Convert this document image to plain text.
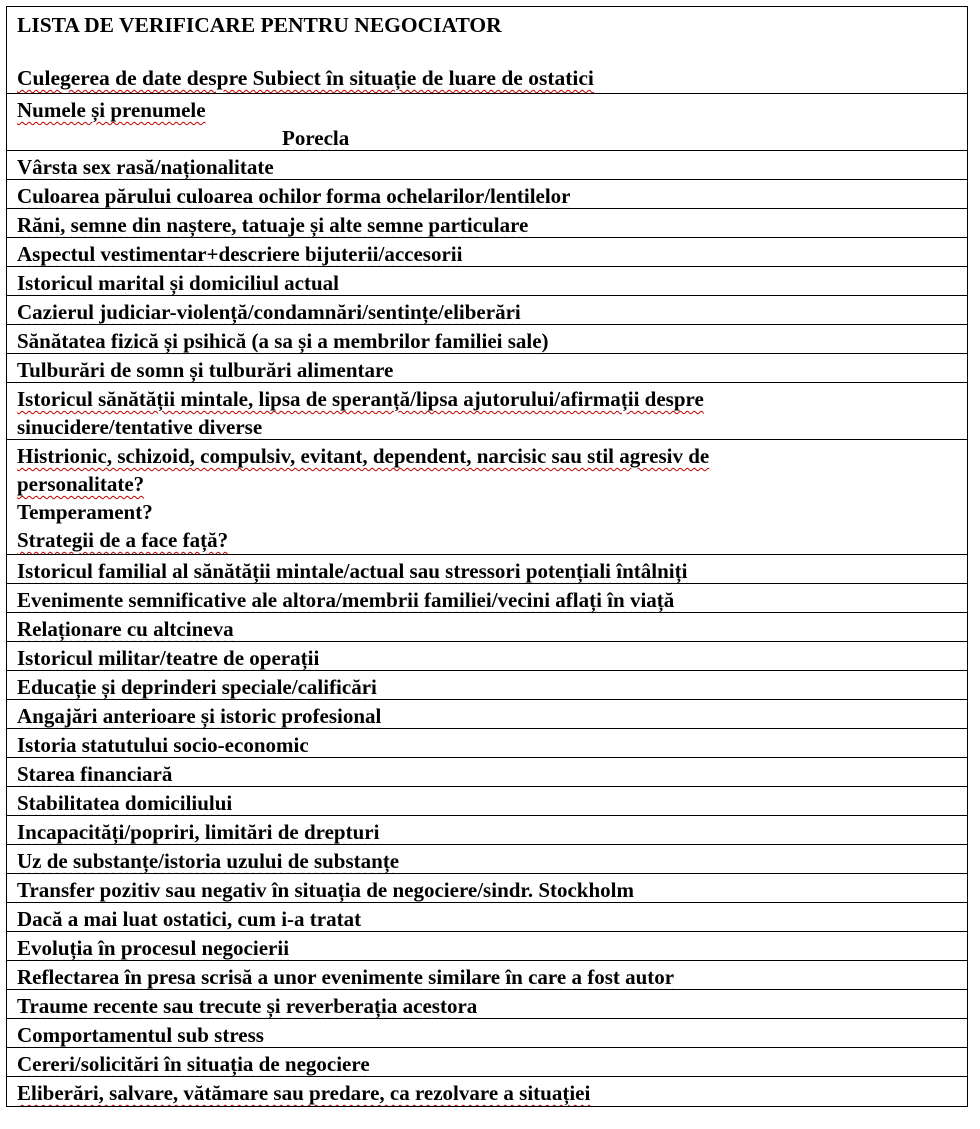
LISTA DE VERIFICARE PENTRU NEGOCIATOR
Culegerea de date despre Subiect în situație de luare de ostatici
Numele și prenumele
Porecla
Vârsta sex rasă/naționalitate
Culoarea părului culoarea ochilor forma ochelarilor/lentilelor
Răni, semne din naștere, tatuaje și alte semne particulare
Aspectul vestimentar+descriere bijuterii/accesorii
Istoricul marital și domiciliul actual
Cazierul judiciar-violență/condamnări/sentințe/eliberări
Sănătatea fizică și psihică (a sa și a membrilor familiei sale)
Tulburări de somn și tulburări alimentare
Istoricul sănătății mintale, lipsa de speranță/lipsa ajutorului/afirmații despre
sinucidere/tentative diverse
Histrionic, schizoid, compulsiv, evitant, dependent, narcisic sau stil agresiv de
personalitate?
Temperament?
Strategii de a face față?
Istoricul familial al sănătății mintale/actual sau stressori potențiali întâlniți
Evenimente semnificative ale altora/membrii familiei/vecini aflați în viață
Relaționare cu altcineva
Istoricul militar/teatre de operații
Educație și deprinderi speciale/calificări
Angajări anterioare și istoric profesional
Istoria statutului socio-economic
Starea financiară
Stabilitatea domiciliului
Incapacități/popriri, limitări de drepturi
Uz de substanțe/istoria uzului de substanțe
Transfer pozitiv sau negativ în situația de negociere/sindr. Stockholm
Dacă a mai luat ostatici, cum i-a tratat
Evoluția în procesul negocierii
Reflectarea în presa scrisă a unor evenimente similare în care a fost autor
Traume recente sau trecute și reverberația acestora
Comportamentul sub stress
Cereri/solicitări în situația de negociere
Eliberări, salvare, vătămare sau predare, ca rezolvare a situației
